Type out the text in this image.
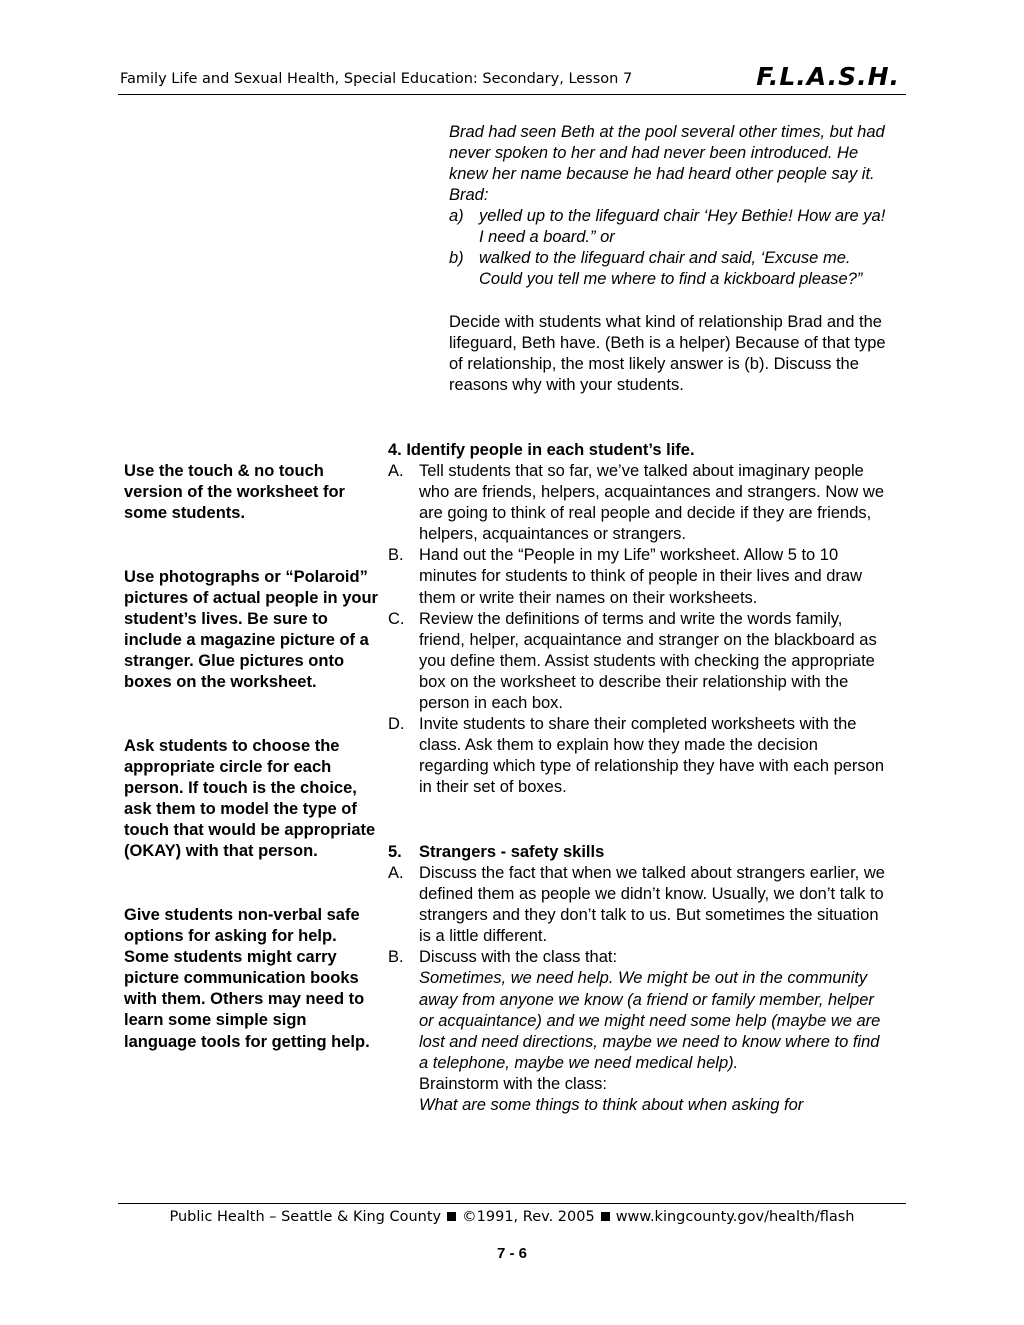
Family Life and Sexual Health, Special Education: Secondary, Lesson 7	F.L.A.S.H.
Brad had seen Beth at the pool several other times, but had never spoken to her and had never been introduced. He knew her name because he had heard other people say it. Brad:
a) yelled up to the lifeguard chair ‘Hey Bethie! How are ya! I need a board.” or
b) walked to the lifeguard chair and said, ‘Excuse me. Could you tell me where to find a kickboard please?”
Decide with students what kind of relationship Brad and the lifeguard, Beth have. (Beth is a helper) Because of that type of relationship, the most likely answer is (b). Discuss the reasons why with your students.
4. Identify people in each student’s life.
A. Tell students that so far, we’ve talked about imaginary people who are friends, helpers, acquaintances and strangers. Now we are going to think of real people and decide if they are friends, helpers, acquaintances or strangers.
B. Hand out the “People in my Life” worksheet. Allow 5 to 10 minutes for students to think of people in their lives and draw them or write their names on their worksheets.
C. Review the definitions of terms and write the words family, friend, helper, acquaintance and stranger on the blackboard as you define them. Assist students with checking the appropriate box on the worksheet to describe their relationship with the person in each box.
D. Invite students to share their completed worksheets with the class. Ask them to explain how they made the decision regarding which type of relationship they have with each person in their set of boxes.
5. Strangers - safety skills
A. Discuss the fact that when we talked about strangers earlier, we defined them as people we didn’t know. Usually, we don’t talk to strangers and they don’t talk to us. But sometimes the situation is a little different.
B. Discuss with the class that:
Sometimes, we need help. We might be out in the community away from anyone we know (a friend or family member, helper or acquaintance) and we might need some help (maybe we are lost and need directions, maybe we need to know where to find a telephone, maybe we need medical help).
Brainstorm with the class:
What are some things to think about when asking for
Use the touch & no touch version of the worksheet for some students.
Use photographs or “Polaroid” pictures of actual people in your student’s lives. Be sure to include a magazine picture of a stranger. Glue pictures onto boxes on the worksheet.
Ask students to choose the appropriate circle for each person. If touch is the choice, ask them to model the type of touch that would be appropriate (OKAY) with that person.
Give students non-verbal safe options for asking for help. Some students might carry picture communication books with them. Others may need to learn some simple sign language tools for getting help.
Public Health – Seattle & King County ©1991, Rev. 2005 www.kingcounty.gov/health/flash
7 - 6
